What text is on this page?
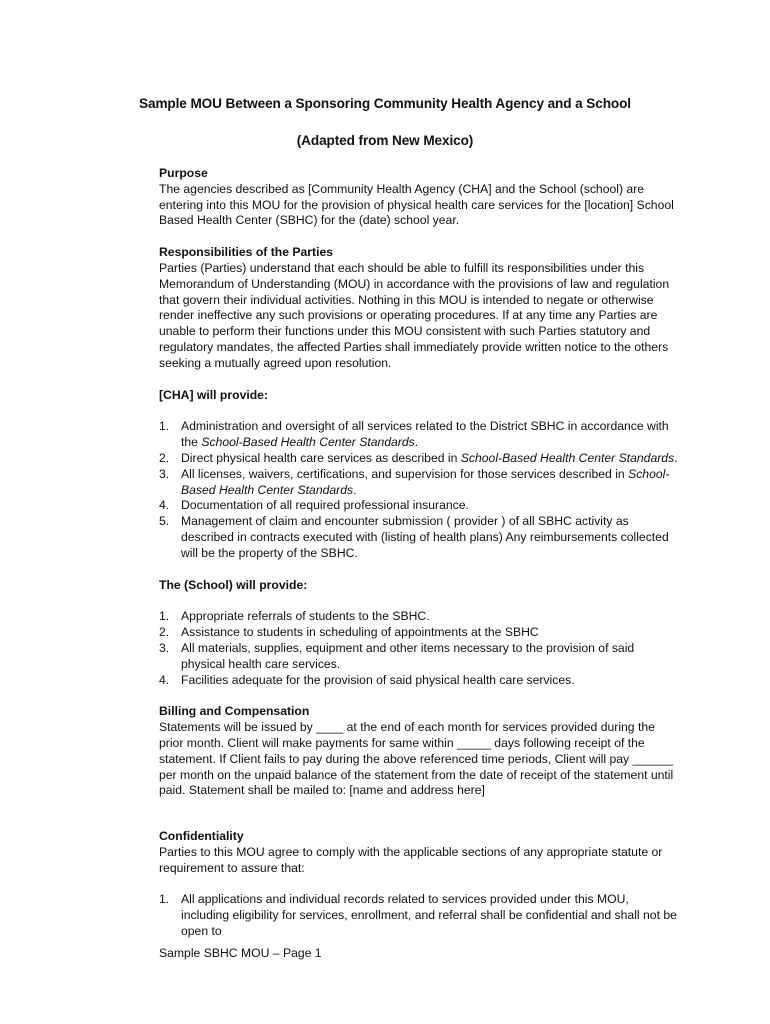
Sample MOU Between a Sponsoring Community Health Agency and a School
(Adapted from New Mexico)

Purpose

The agencies described as [Community Health Agency (CHA] and the School (school) are entering into this MOU for the provision of physical health care services for the [location] School Based Health Center (SBHC) for the (date) school year.

Responsibilities of the Parties

Parties (Parties) understand that each should be able to fulfill its responsibilities under this Memorandum of Understanding (MOU) in accordance with the provisions of law and regulation that govern their individual activities. Nothing in this MOU is intended to negate or otherwise render ineffective any such provisions or operating procedures. If at any time any Parties are unable to perform their functions under this MOU consistent with such Parties statutory and regulatory mandates, the affected Parties shall immediately provide written notice to the others seeking a mutually agreed upon resolution.

[CHA] will provide:

1. Administration and oversight of all services related to the District SBHC in accordance with the School-Based Health Center Standards.
2. Direct physical health care services as described in School-Based Health Center Standards.
3. All licenses, waivers, certifications, and supervision for those services described in School-Based Health Center Standards.
4. Documentation of all required professional insurance.
5. Management of claim and encounter submission ( provider ) of all SBHC activity as described in contracts executed with (listing of health plans) Any reimbursements collected will be the property of the SBHC.

The (School) will provide:

1. Appropriate referrals of students to the SBHC.
2. Assistance to students in scheduling of appointments at the SBHC
3. All materials, supplies, equipment and other items necessary to the provision of said physical health care services.
4. Facilities adequate for the provision of said physical health care services.

Billing and Compensation

Statements will be issued by ____ at the end of each month for services provided during the prior month. Client will make payments for same within _____ days following receipt of the statement. If Client fails to pay during the above referenced time periods, Client will pay ______ per month on the unpaid balance of the statement from the date of receipt of the statement until paid. Statement shall be mailed to: [name and address here]

Confidentiality

Parties to this MOU agree to comply with the applicable sections of any appropriate statute or requirement to assure that:

1. All applications and individual records related to services provided under this MOU, including eligibility for services, enrollment, and referral shall be confidential and shall not be open to
Sample SBHC MOU – Page 1
